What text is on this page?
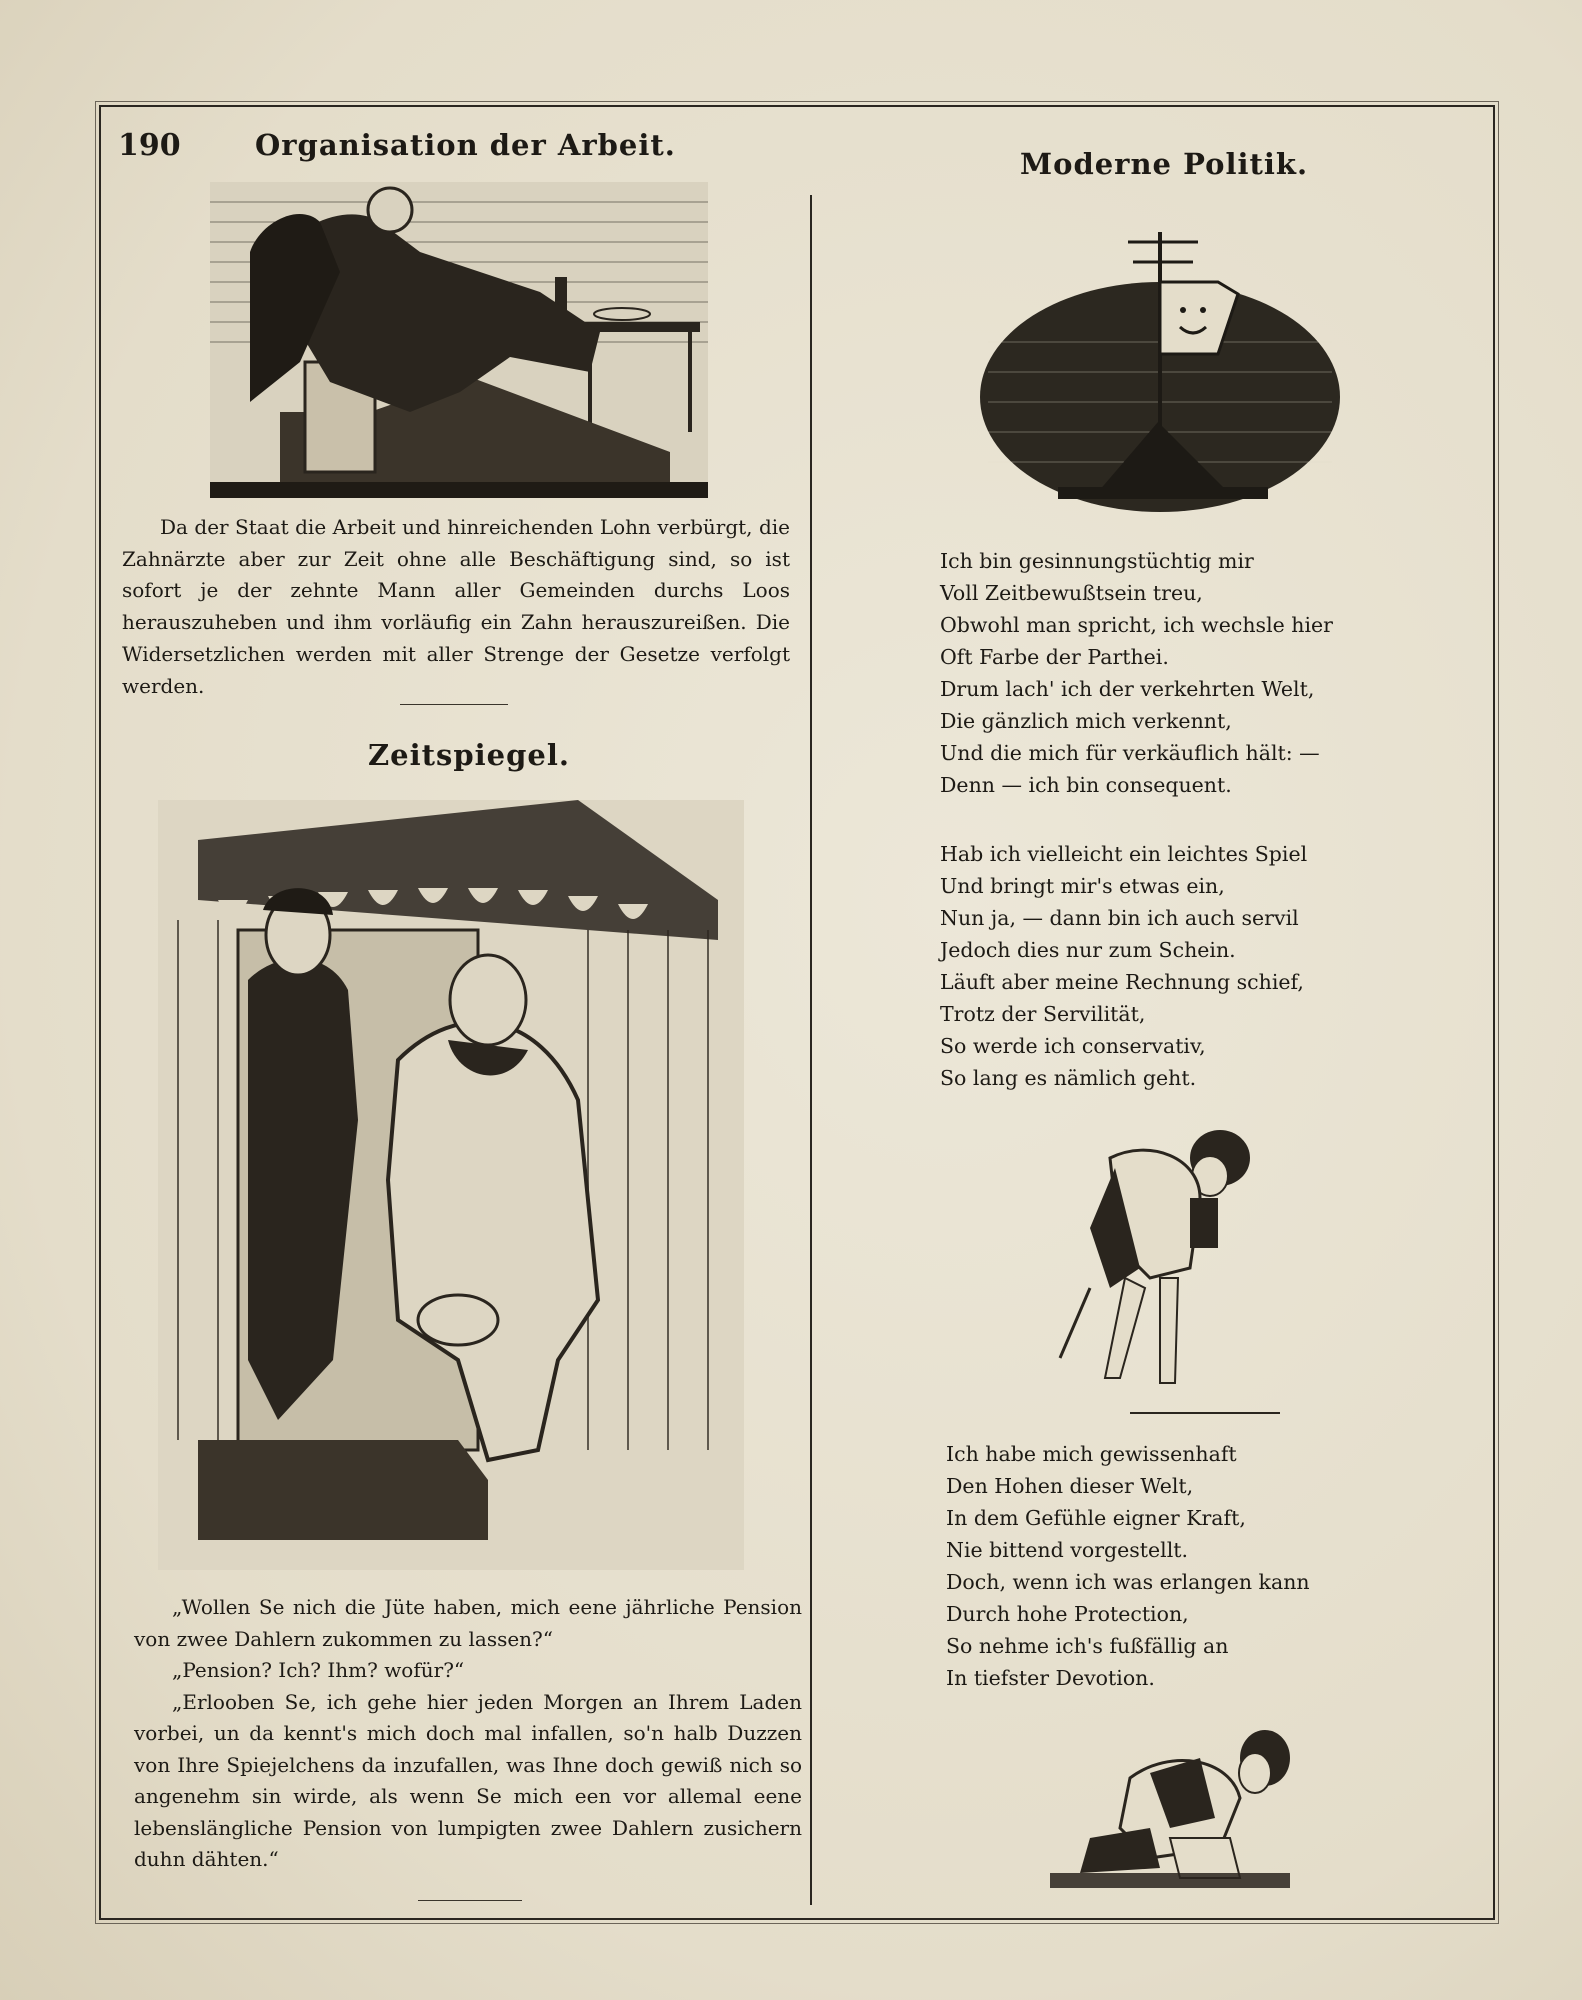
190	Organisation der Arbeit.
Moderne Politik.
Da der Staat die Arbeit und hinreichenden Lohn verbürgt, die Zahnärzte aber zur Zeit ohne alle Beschäftigung sind, so ist sofort je der zehnte Mann aller Gemeinden durchs Loos herauszuheben und ihm vorläufig ein Zahn herauszureißen. Die Widersetzlichen werden mit aller Strenge der Gesetze verfolgt werden.
Zeitspiegel.

„Wollen Se nich die Jüte haben, mich eene jährliche Pension von zwee Dahlern zukommen zu lassen?“

„Pension? Ich? Ihm? wofür?“

„Erlooben Se, ich gehe hier jeden Morgen an Ihrem Laden vorbei, un da kennt's mich doch mal infallen, so'n halb Duzzen von Ihre Spiejelchens da inzufallen, was Ihne doch gewiß nich so angenehm sin wirde, als wenn Se mich een vor allemal eene lebenslängliche Pension von lumpigten zwee Dahlern zusichern duhn dähten.“

Ich bin gesinnungstüchtig mir
Voll Zeitbewußtsein treu,
Obwohl man spricht, ich wechsle hier
Oft Farbe der Parthei.
Drum lach' ich der verkehrten Welt,
Die gänzlich mich verkennt,
Und die mich für verkäuflich hält: —
Denn — ich bin consequent.
Hab ich vielleicht ein leichtes Spiel
Und bringt mir's etwas ein,
Nun ja, — dann bin ich auch servil
Jedoch dies nur zum Schein.
Läuft aber meine Rechnung schief,
Trotz der Servilität,
So werde ich conservativ,
So lang es nämlich geht.
Ich habe mich gewissenhaft
Den Hohen dieser Welt,
In dem Gefühle eigner Kraft,
Nie bittend vorgestellt.
Doch, wenn ich was erlangen kann
Durch hohe Protection,
So nehme ich's fußfällig an
In tiefster Devotion.
